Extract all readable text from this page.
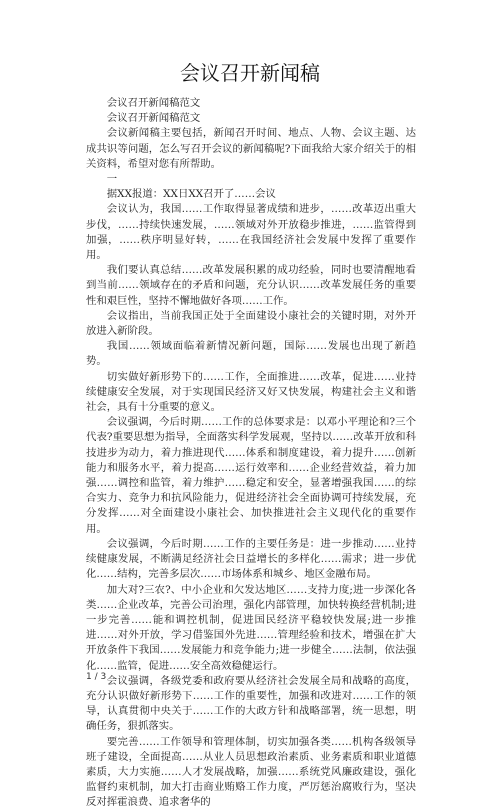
会议召开新闻稿

会议召开新闻稿范文

会议召开新闻稿范文

会议新闻稿主要包括，新闻召开时间、地点、人物、会议主题、达成共识等问题，怎么写召开会议的新闻稿呢?下面我给大家介绍关于的相关资料，希望对您有所帮助。

一

据XX报道：XX日XX召开了……会议

会议认为，我国……工作取得显著成绩和进步，……改革迈出重大步伐，……持续快速发展，……领域对外开放稳步推进，……监管得到加强，……秩序明显好转，……在我国经济社会发展中发挥了重要作用。

我们要认真总结……改革发展积累的成功经验，同时也要清醒地看到当前……领域存在的矛盾和问题，充分认识……改革发展任务的重要性和艰巨性，坚持不懈地做好各项……工作。

会议指出，当前我国正处于全面建设小康社会的关键时期，对外开放进入新阶段。

我国……领域面临着新情况新问题，国际……发展也出现了新趋势。

切实做好新形势下的……工作，全面推进……改革，促进……业持续健康安全发展，对于实现国民经济又好又快发展，构建社会主义和谐社会，具有十分重要的意义。

会议强调，今后时期……工作的总体要求是：以邓小平理论和?三个代表?重要思想为指导，全面落实科学发展观，坚持以……改革开放和科技进步为动力，着力推进现代……体系和制度建设，着力提升……创新能力和服务水平，着力提高……运行效率和……企业经营效益，着力加强……调控和监管，着力维护……稳定和安全，显著增强我国……的综合实力、竞争力和抗风险能力，促进经济社会全面协调可持续发展，充分发挥……对全面建设小康社会、加快推进社会主义现代化的重要作用。

会议强调，今后时期……工作的主要任务是：进一步推动……业持续健康发展，不断满足经济社会日益增长的多样化……需求；进一步优化……结构，完善多层次……市场体系和城乡、地区金融布局。

加大对?三农?、中小企业和欠发达地区……支持力度;进一步深化各类……企业改革，完善公司治理，强化内部管理，加快转换经营机制;进一步完善……能和调控机制，促进国民经济平稳较快发展;进一步推进……对外开放，学习借鉴国外先进……管理经验和技术，增强在扩大开放条件下我国……发展能力和竞争能力;进一步健全……法制，依法强化……监管，促进……安全高效稳健运行。

会议强调，各级党委和政府要从经济社会发展全局和战略的高度，充分认识做好新形势下……工作的重要性，加强和改进对……工作的领导，认真贯彻中央关于……工作的大政方针和战略部署，统一思想，明确任务，狠抓落实。

要完善……工作领导和管理体制，切实加强各类……机构各级领导班子建设，全面提高……从业人员思想政治素质、业务素质和职业道德素质，大力实施……人才发展战略，加强……系统党风廉政建设，强化监督约束机制，加大打击商业贿赂工作力度，严厉惩治腐败行为，坚决反对挥霍浪费、追求奢华的

1 / 3
